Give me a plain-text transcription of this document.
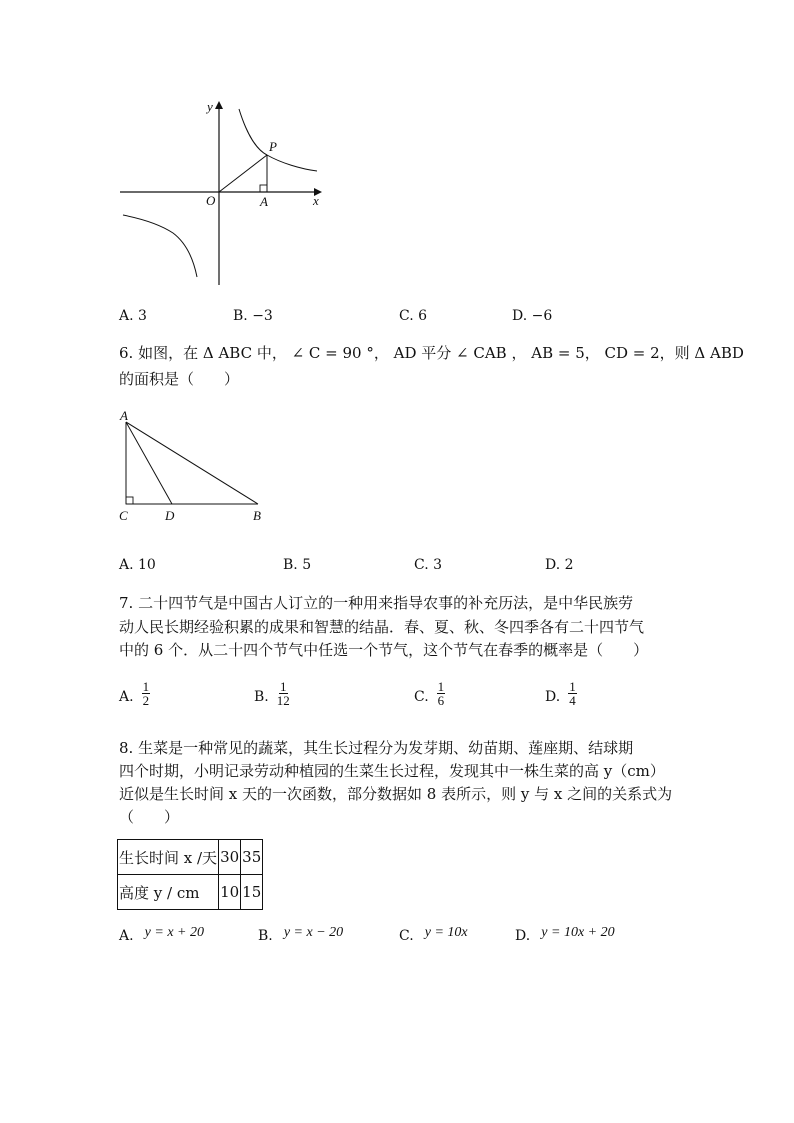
y
x
O
P
A
A. 3	B. −3	C. 6	D. −6
6. 如图，在 Δ ABC 中， ∠ C = 90 °， AD 平分 ∠ CAB ， AB = 5， CD = 2，则 Δ ABD
的面积是（　　）
A
C	D	B
A. 10	B. 5	C. 3	D. 2
7. 二十四节气是中国古人订立的一种用来指导农事的补充历法，是中华民族劳
动人民长期经验积累的成果和智慧的结晶．春、夏、秋、冬四季各有二十四节气
中的 6 个．从二十四个节气中任选一个节气，这个节气在春季的概率是（　　）
A. $\frac{1}{2}$	B. $\frac{1}{12}$	C. $\frac{1}{6}$	D. $\frac{1}{4}$
8. 生菜是一种常见的蔬菜，其生长过程分为发芽期、幼苗期、莲座期、结球期
四个时期，小明记录劳动种植园的生菜生长过程，发现其中一株生菜的高 y（cm）
近似是生长时间 x 天的一次函数，部分数据如 8 表所示，则 y 与 x 之间的关系式为
（　　）
生长时间 x /天	30	35
高度 y / cm	10	15
A. y = x + 20	B. y = x − 20	C. y = 10x	D. y = 10x + 20
